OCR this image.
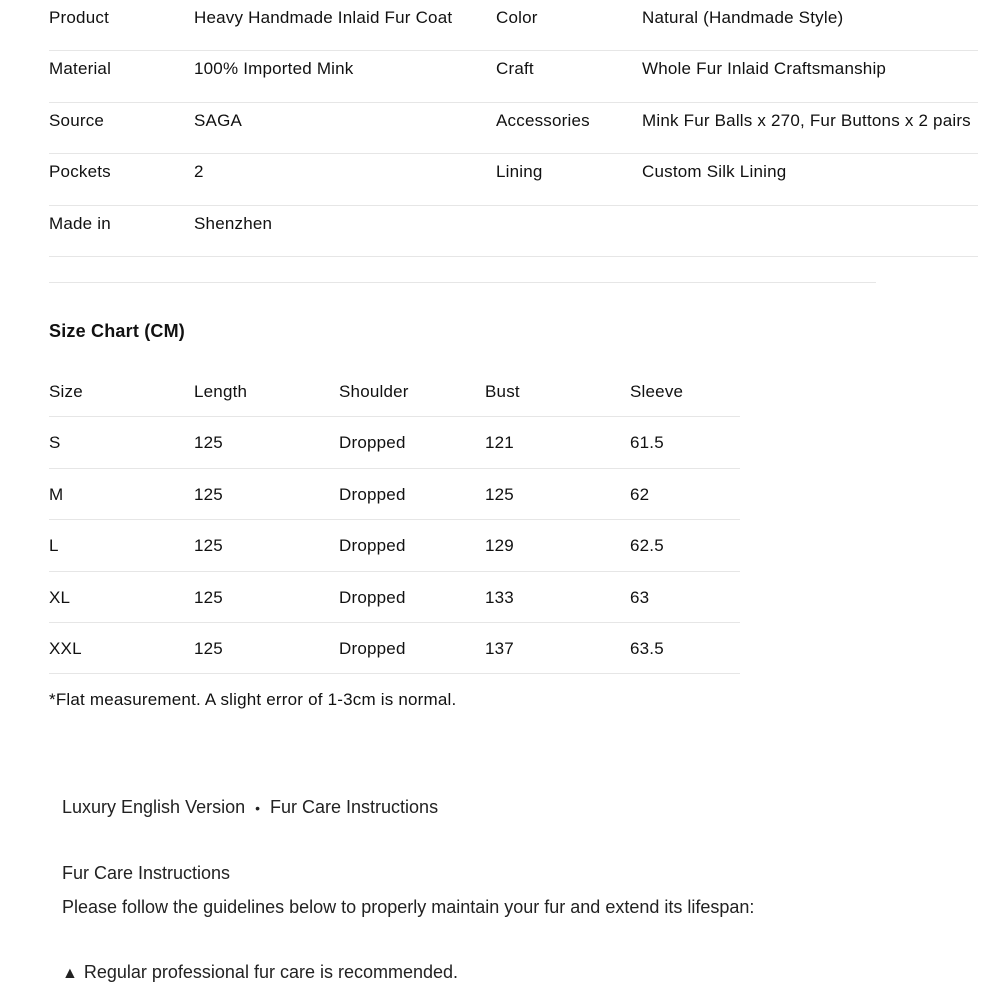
Product	Heavy Handmade Inlaid Fur Coat	Color	Natural (Handmade Style)
Material	100% Imported Mink	Craft	Whole Fur Inlaid Craftsmanship
Source	SAGA	Accessories	Mink Fur Balls x 270, Fur Buttons x 2 pairs
Pockets	2	Lining	Custom Silk Lining
Made in	Shenzhen
Size Chart (CM)
Size	Length	Shoulder	Bust	Sleeve
S	125	Dropped	121	61.5
M	125	Dropped	125	62
L	125	Dropped	129	62.5
XL	125	Dropped	133	63
XXL	125	Dropped	137	63.5
*Flat measurement. A slight error of 1-3cm is normal.
Luxury English Version • Fur Care Instructions
Fur Care Instructions
Please follow the guidelines below to properly maintain your fur and extend its lifespan:
▲ Regular professional fur care is recommended.
